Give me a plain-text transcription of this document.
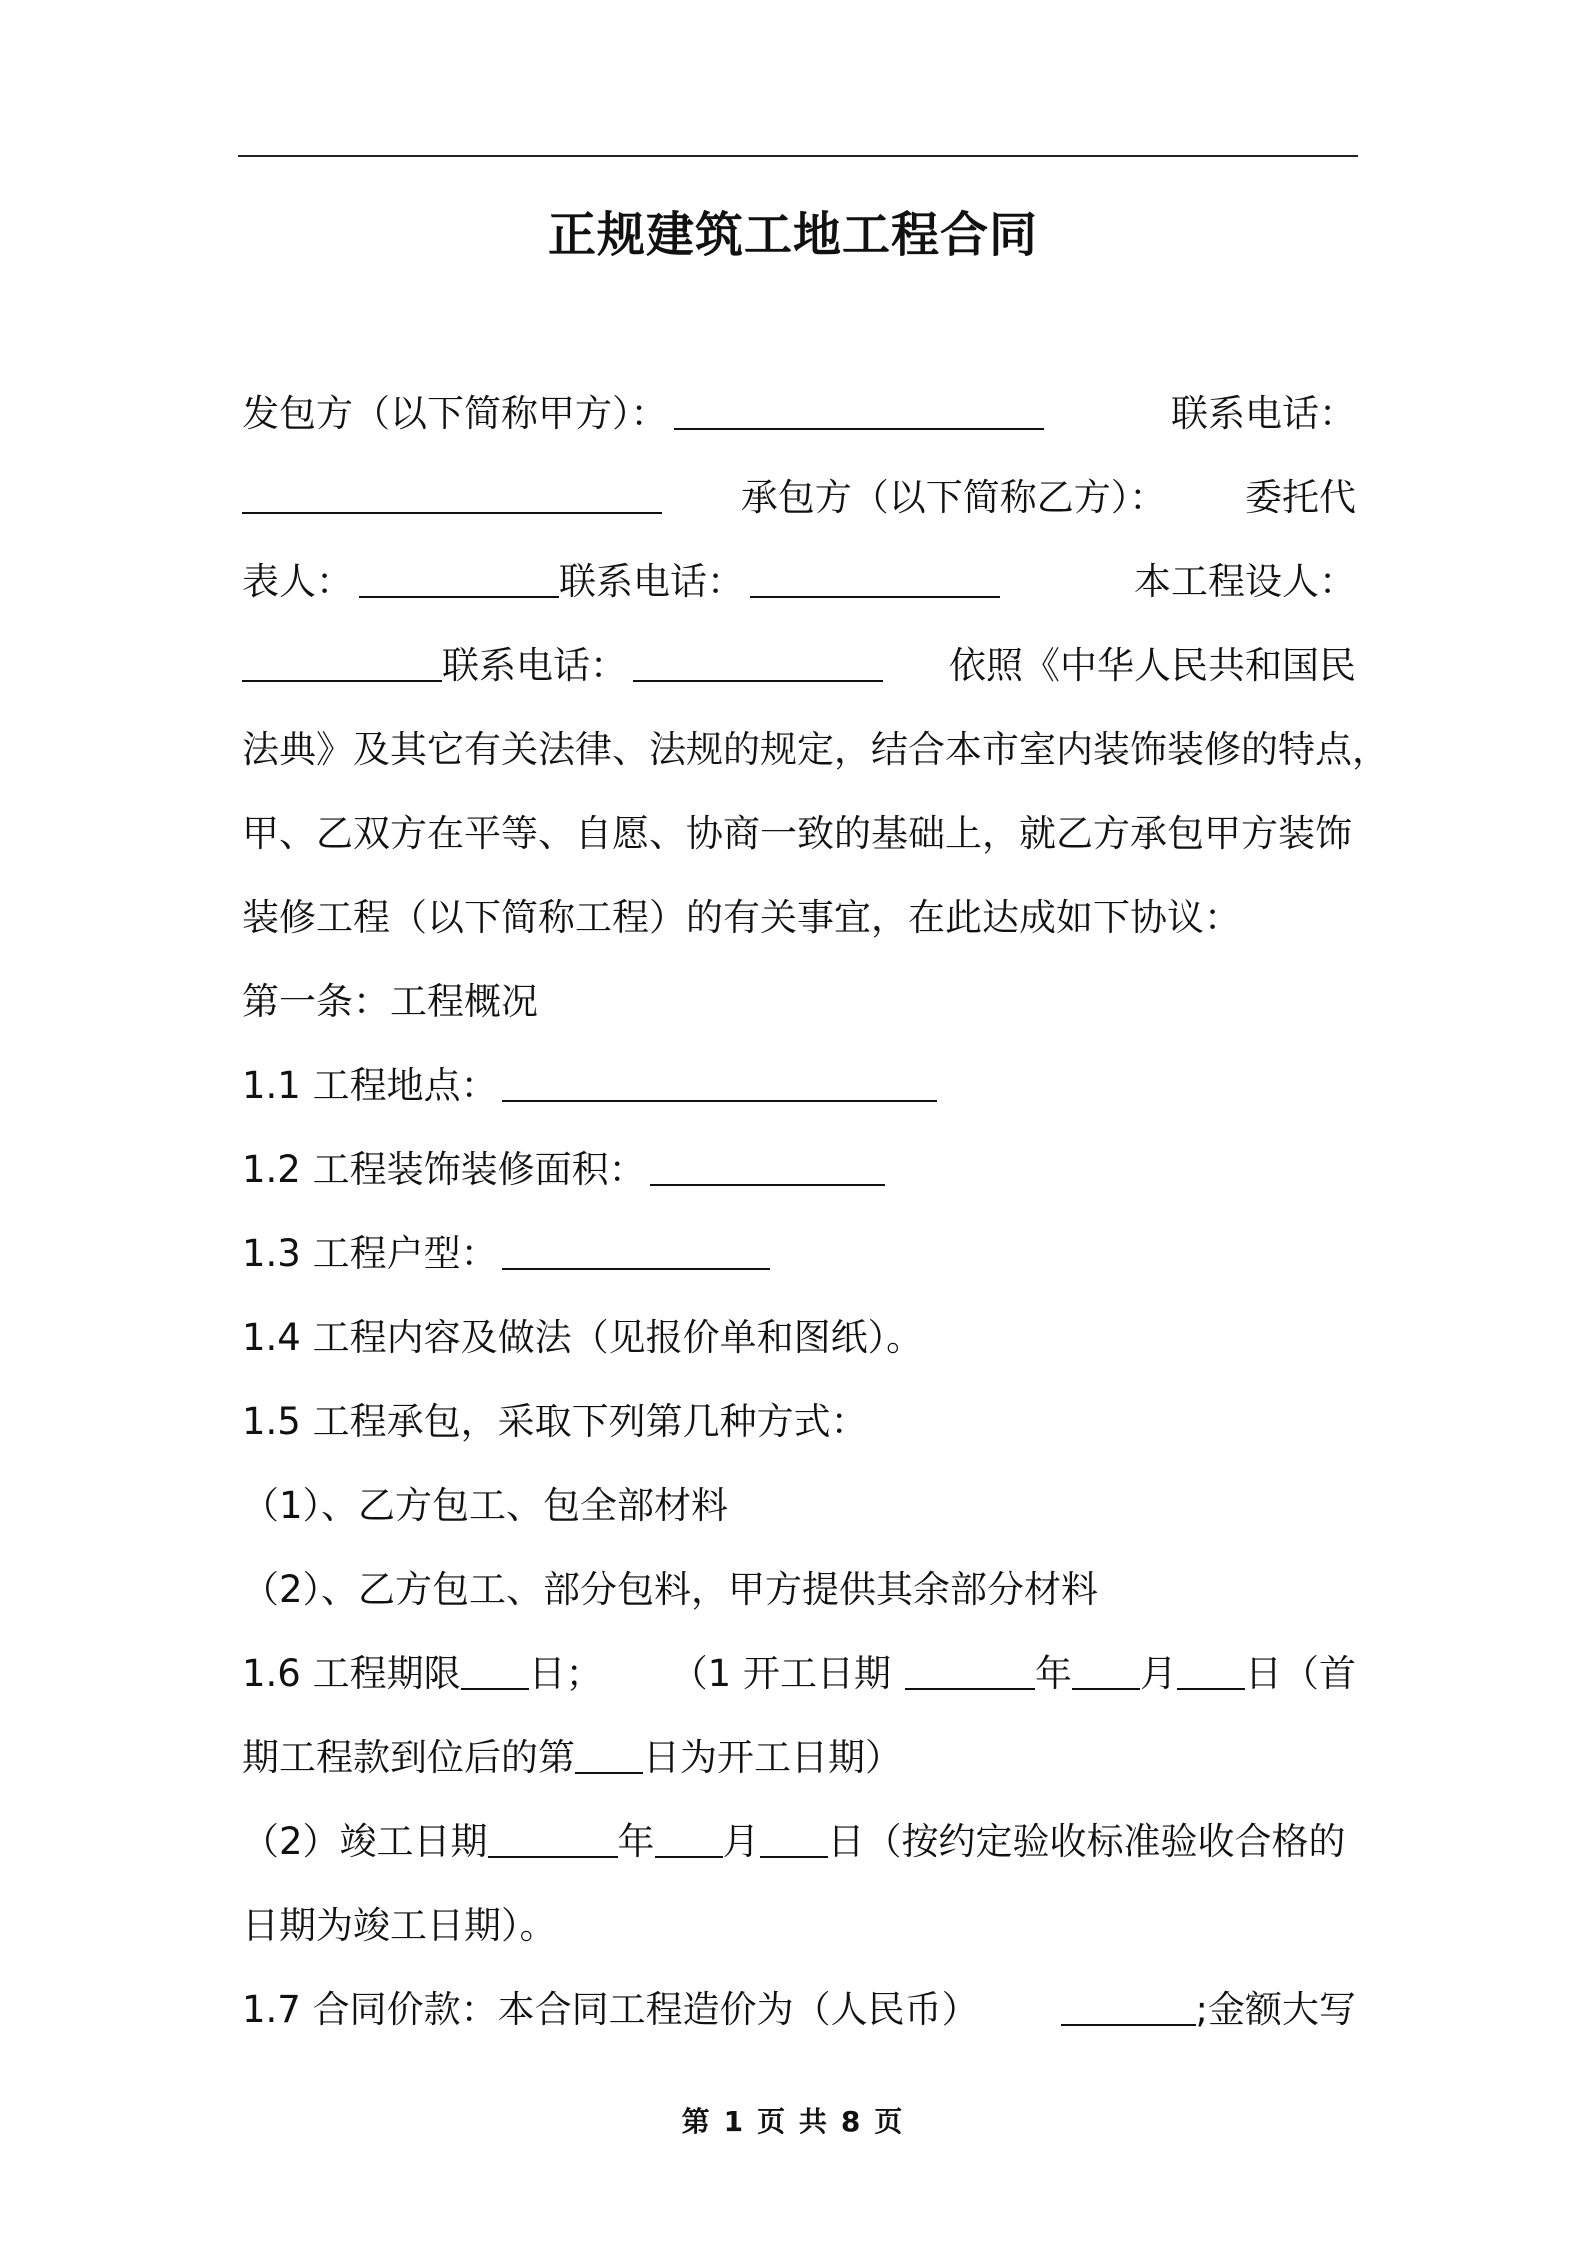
正规建筑工地工程合同
发包方（以下简称甲方）：	联系电话：
承包方（以下简称乙方）： 委托代
表人：	联系电话：	本工程设人：
联系电话：	依照《中华人民共和国民
法典》及其它有关法律、法规的规定，结合本市室内装饰装修的特点，
甲、乙双方在平等、自愿、协商一致的基础上，就乙方承包甲方装饰
装修工程（以下简称工程）的有关事宜，在此达成如下协议：
第一条：工程概况
1.1 工程地点：
1.2 工程装饰装修面积：
1.3 工程户型：
1.4 工程内容及做法（见报价单和图纸）。
1.5 工程承包，采取下列第几种方式：
（1）、乙方包工、包全部材料
（2）、乙方包工、部分包料，甲方提供其余部分材料
1.6 工程期限 日； （1 开工日期	年 月 日（首
期工程款到位后的第 日为开工日期）
（2）竣工日期	年 月 日（按约定验收标准验收合格的
日期为竣工日期）。
1.7 合同价款：本合同工程造价为（人民币）	;金额大写
第 1 页 共 8 页
